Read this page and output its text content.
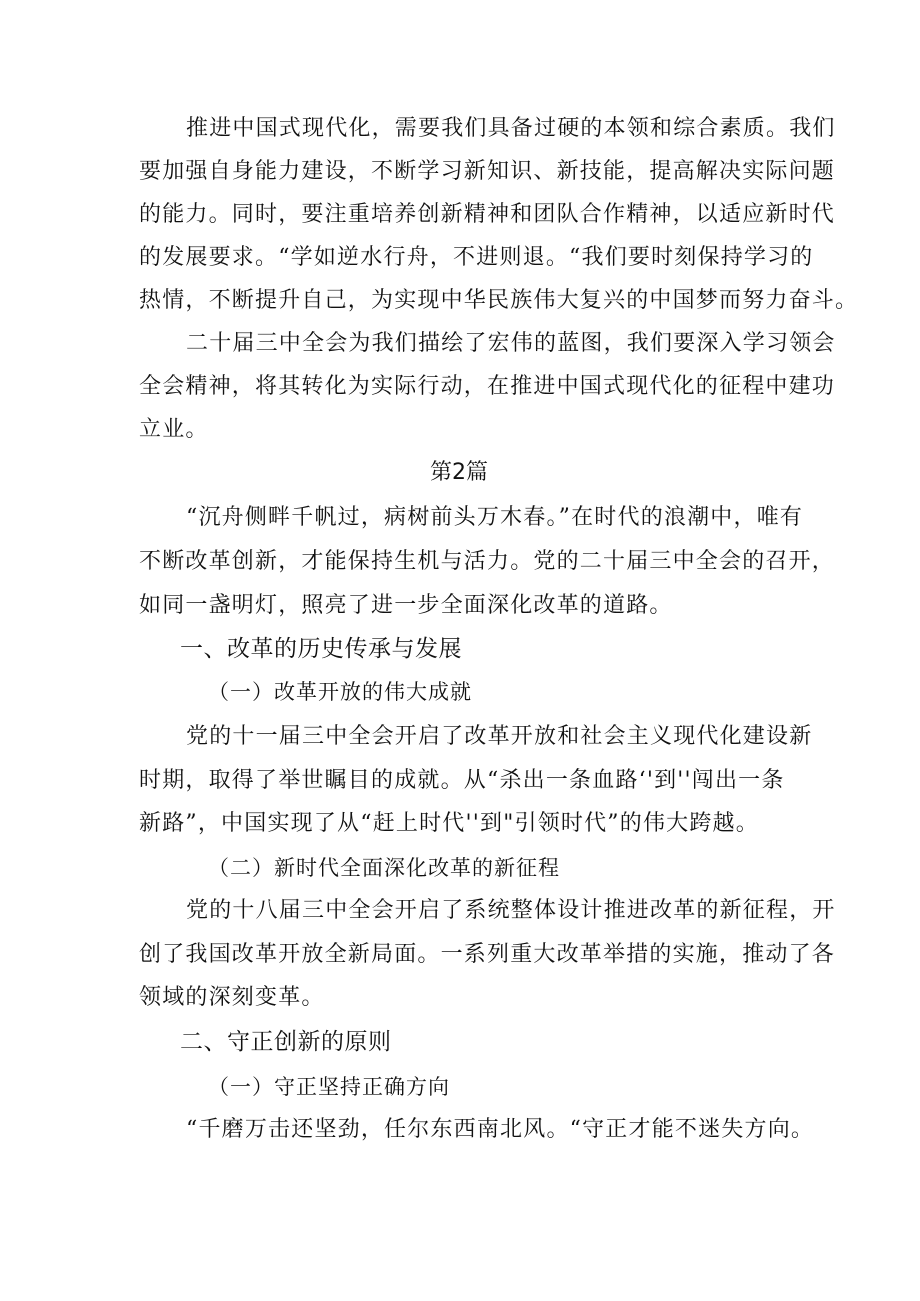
推进中国式现代化，需要我们具备过硬的本领和综合素质。我们
要加强自身能力建设，不断学习新知识、新技能，提高解决实际问题
的能力。同时，要注重培养创新精神和团队合作精神，以适应新时代
的发展要求。“学如逆水行舟，不进则退。“我们要时刻保持学习的
热情，不断提升自己，为实现中华民族伟大复兴的中国梦而努力奋斗。
二十届三中全会为我们描绘了宏伟的蓝图，我们要深入学习领会
全会精神，将其转化为实际行动，在推进中国式现代化的征程中建功
立业。
第2篇
“沉舟侧畔千帆过，病树前头万木春。”在时代的浪潮中，唯有
不断改革创新，才能保持生机与活力。党的二十届三中全会的召开，
如同一盏明灯，照亮了进一步全面深化改革的道路。
一、改革的历史传承与发展
（一）改革开放的伟大成就
党的十一届三中全会开启了改革开放和社会主义现代化建设新
时期，取得了举世瞩目的成就。从“杀出一条血路‘'到''闯出一条
新路”，中国实现了从“赶上时代''到"引领时代”的伟大跨越。
（二）新时代全面深化改革的新征程
党的十八届三中全会开启了系统整体设计推进改革的新征程，开
创了我国改革开放全新局面。一系列重大改革举措的实施，推动了各
领域的深刻变革。
二、守正创新的原则
（一）守正坚持正确方向
“千磨万击还坚劲，任尔东西南北风。“守正才能不迷失方向。
